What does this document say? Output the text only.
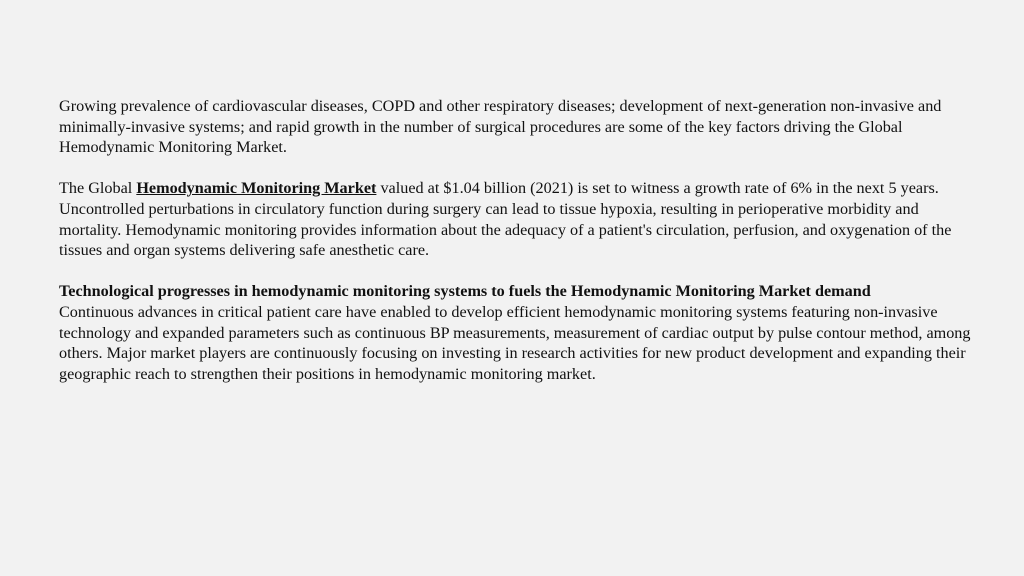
Growing prevalence of cardiovascular diseases, COPD and other respiratory diseases; development of next-generation non-invasive and minimally-invasive systems; and rapid growth in the number of surgical procedures are some of the key factors driving the Global Hemodynamic Monitoring Market.

The Global Hemodynamic Monitoring Market valued at $1.04 billion (2021) is set to witness a growth rate of 6% in the next 5 years. Uncontrolled perturbations in circulatory function during surgery can lead to tissue hypoxia, resulting in perioperative morbidity and mortality. Hemodynamic monitoring provides information about the adequacy of a patient's circulation, perfusion, and oxygenation of the tissues and organ systems delivering safe anesthetic care.

Technological progresses in hemodynamic monitoring systems to fuels the Hemodynamic Monitoring Market demand

Continuous advances in critical patient care have enabled to develop efficient hemodynamic monitoring systems featuring non-invasive technology and expanded parameters such as continuous BP measurements, measurement of cardiac output by pulse contour method, among others. Major market players are continuously focusing on investing in research activities for new product development and expanding their geographic reach to strengthen their positions in hemodynamic monitoring market.
